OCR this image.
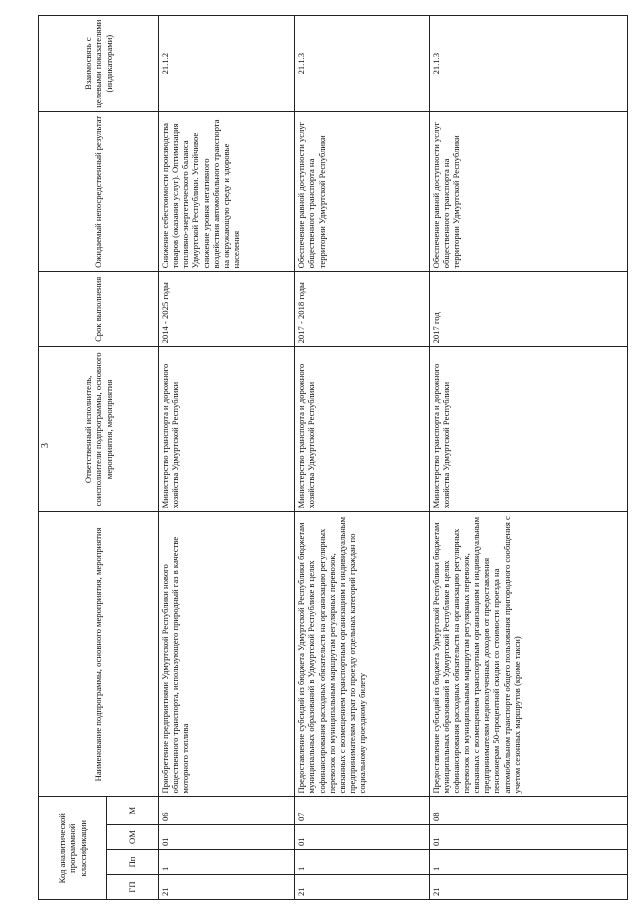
3
Код аналитической программной классификации				Наименование подпрограммы, основного мероприятия, мероприятия	Ответственный исполнитель, соисполнители подпрограммы, основного мероприятия, мероприятия	Срок выполнения	Ожидаемый непосредственный результат	Взаимосвязь с целевыми показателями (индикаторами)
ГП	Пп	ОМ	М					
21	1	01	06	Приобретение предприятиями Удмуртской Республики нового общественного транспорта, использующего природный газ в качестве моторного топлива	Министерство транспорта и дорожного хозяйства Удмуртской Республики	2014 - 2025 годы	Снижение себестоимости производства товаров (оказания услуг). Оптимизация топливно-энергетического баланса Удмуртской Республики. Устойчивое снижение уровня негативного воздействия автомобильного транспорта на окружающую среду и здоровье населения	21.1.2
21	1	01	07	Предоставление субсидий из бюджета Удмуртской Республики бюджетам муниципальных образований в Удмуртской Республике в целях софинансирования расходных обязательств на организацию регулярных перевозок по муниципальным маршрутам регулярных перевозок, связанных с возмещением транспортным организациям и индивидуальным предпринимателям затрат по проезду отдельных категорий граждан по социальному проездному билету	Министерство транспорта и дорожного хозяйства Удмуртской Республики	2017 - 2018 годы	Обеспечение равной доступности услуг общественного транспорта на территории Удмуртской Республики	21.1.3
21	1	01	08	Предоставление субсидий из бюджета Удмуртской Республики бюджетам муниципальных образований в Удмуртской Республике в целях софинансирования расходных обязательств на организацию регулярных перевозок по муниципальным маршрутам регулярных перевозок, связанных с возмещением транспортным организациям и индивидуальным предпринимателям недополученных доходов от предоставления пенсионерам 50-процентной скидки со стоимости проезда на автомобильном транспорте общего пользования пригородного сообщения с учетом сезонных маршрутов (кроме такси)	Министерство транспорта и дорожного хозяйства Удмуртской Республики	2017 год	Обеспечение равной доступности услуг общественного транспорта на территории Удмуртской Республики	21.1.3
